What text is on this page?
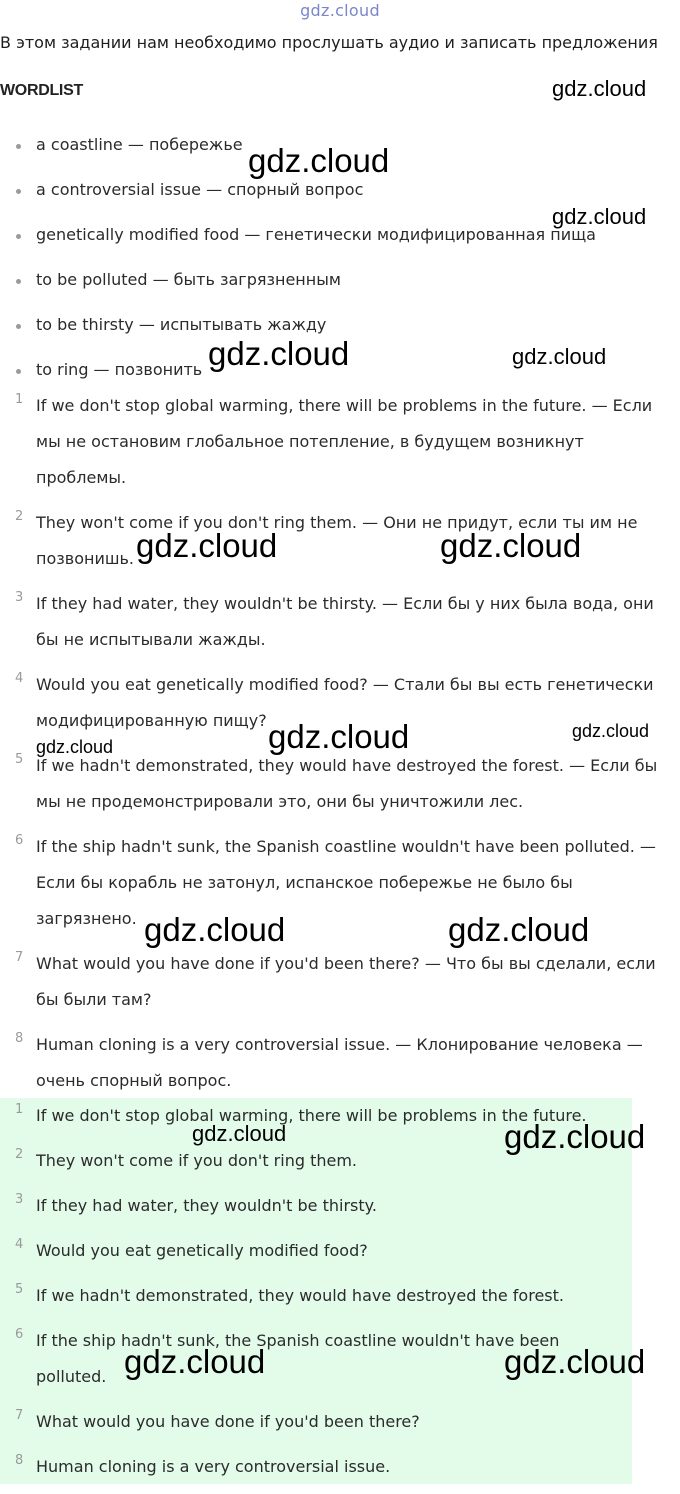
gdz.cloud
В этом задании нам необходимо прослушать аудио и записать предложения
WORDLIST
a coastline — побережье
a controversial issue — спорный вопрос
genetically modified food — генетически модифицированная пища
to be polluted — быть загрязненным
to be thirsty — испытывать жажду
to ring — позвонить
1 If we don't stop global warming, there will be problems in the future. — Если мы не остановим глобальное потепление, в будущем возникнут проблемы.
2 They won't come if you don't ring them. — Они не придут, если ты им не позвонишь.
3 If they had water, they wouldn't be thirsty. — Если бы у них была вода, они бы не испытывали жажды.
4 Would you eat genetically modified food? — Стали бы вы есть генетически модифицированную пищу?
5 If we hadn't demonstrated, they would have destroyed the forest. — Если бы мы не продемонстрировали это, они бы уничтожили лес.
6 If the ship hadn't sunk, the Spanish coastline wouldn't have been polluted. — Если бы корабль не затонул, испанское побережье не было бы загрязнено.
7 What would you have done if you'd been there? — Что бы вы сделали, если бы были там?
8 Human cloning is a very controversial issue. — Клонирование человека — очень спорный вопрос.
1 If we don't stop global warming, there will be problems in the future.
2 They won't come if you don't ring them.
3 If they had water, they wouldn't be thirsty.
4 Would you eat genetically modified food?
5 If we hadn't demonstrated, they would have destroyed the forest.
6 If the ship hadn't sunk, the Spanish coastline wouldn't have been polluted.
7 What would you have done if you'd been there?
8 Human cloning is a very controversial issue.
gdz.cloud
gdz.cloud
gdz.cloud
gdz.cloud	gdz.cloud
gdz.cloud	gdz.cloud
gdz.cloud	gdz.cloud	gdz.cloud
gdz.cloud	gdz.cloud
gdz.cloud	gdz.cloud
gdz.cloud	gdz.cloud
